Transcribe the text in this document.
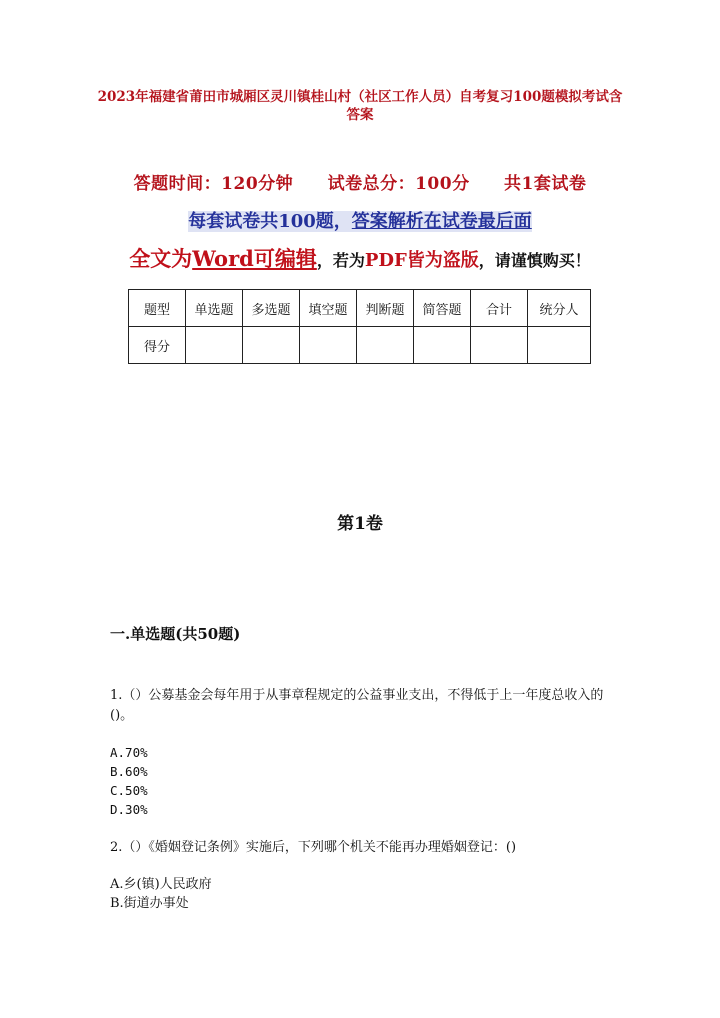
2023年福建省莆田市城厢区灵川镇桂山村（社区工作人员）自考复习100题模拟考试含答案
答题时间：120分钟 试卷总分：100分 共1套试卷
每套试卷共100题，答案解析在试卷最后面
全文为Word可编辑，若为PDF皆为盗版，请谨慎购买！
题型	单选题	多选题	填空题	判断题	简答题	合计	统分人
得分							
第1卷
一.单选题(共50题)
1.（）公募基金会每年用于从事章程规定的公益事业支出，不得低于上一年度总收入的()。
A.70%
B.60%
C.50%
D.30%
2.（）《婚姻登记条例》实施后，下列哪个机关不能再办理婚姻登记：()
A.乡(镇)人民政府
B.街道办事处
